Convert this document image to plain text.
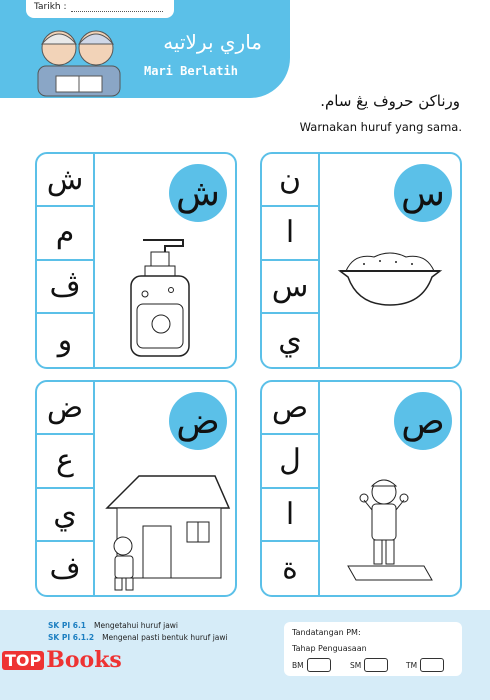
Tarikh :
ماري برلاتيه
Mari Berlatih
ورناكن حروف يڠ سام.
Warnakan huruf yang sama.
ن
ا
س
ي
س
ش
م
ڤ
و
ش
ص
ل
ا
ة
ص
ض
ع
ي
ف
ض
SK PI 6.1 Mengetahui huruf jawi
SK PI 6.1.2 Mengenal pasti bentuk huruf jawi
Tandatangan PM:
Tahap Penguasaan
BM	SM	TM
TOP Books
